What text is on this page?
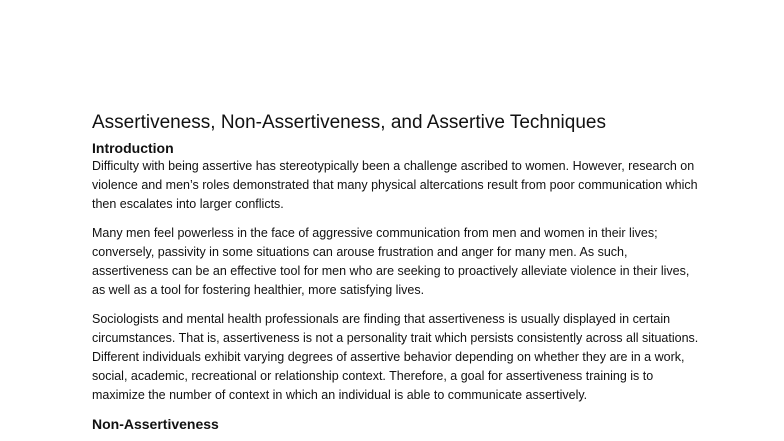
Assertiveness, Non-Assertiveness, and Assertive Techniques
Introduction

Difficulty with being assertive has stereotypically been a challenge ascribed to women. However, research on violence and men’s roles demonstrated that many physical altercations result from poor communication which then escalates into larger conflicts.

Many men feel powerless in the face of aggressive communication from men and women in their lives; conversely, passivity in some situations can arouse frustration and anger for many men. As such, assertiveness can be an effective tool for men who are seeking to proactively alleviate violence in their lives, as well as a tool for fostering healthier, more satisfying lives.

Sociologists and mental health professionals are finding that assertiveness is usually displayed in certain circumstances. That is, assertiveness is not a personality trait which persists consistently across all situations. Different individuals exhibit varying degrees of assertive behavior depending on whether they are in a work, social, academic, recreational or relationship context. Therefore, a goal for assertiveness training is to maximize the number of context in which an individual is able to communicate assertively.

Non-Assertiveness
